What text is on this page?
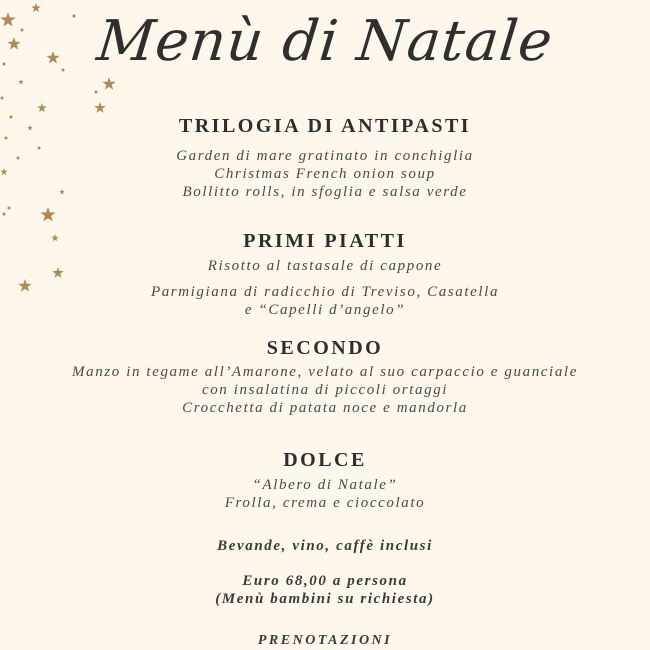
Menù di Natale
TRILOGIA DI ANTIPASTI
Garden di mare gratinato in conchiglia
Christmas French onion soup
Bollitto rolls, in sfoglia e salsa verde
PRIMI PIATTI
Risotto al tastasale di cappone
Parmigiana di radicchio di Treviso, Casatella
e “Capelli d’angelo”
SECONDO
Manzo in tegame all’Amarone, velato al suo carpaccio e guanciale
con insalatina di piccoli ortaggi
Crocchetta di patata noce e mandorla
DOLCE
“Albero di Natale”
Frolla, crema e cioccolato
Bevande, vino, caffè inclusi
Euro 68,00 a persona
(Menù bambini su richiesta)
PRENOTAZIONI
